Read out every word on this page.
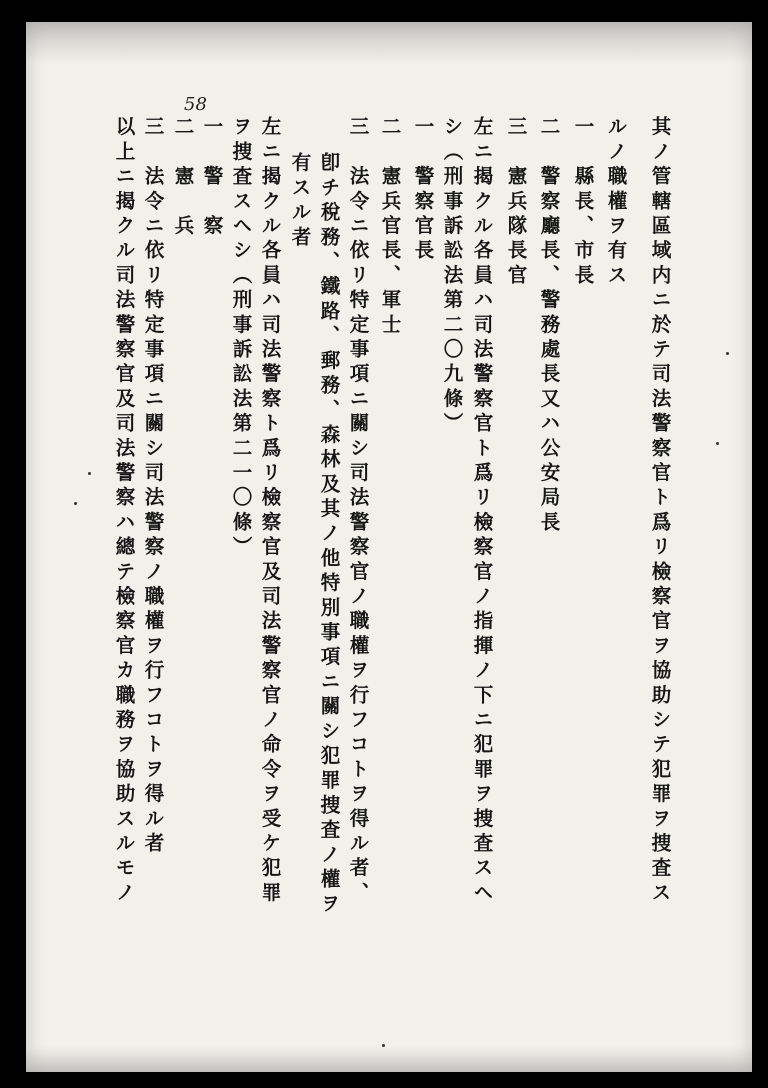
58
其ノ管轄區域内ニ於テ司法警察官ト爲リ檢察官ヲ協助シテ犯罪ヲ捜査ス
ルノ職權ヲ有ス
一　縣長、市長
二　警察廳長、警務處長又ハ公安局長
三　憲兵隊長官
左ニ揭クル各員ハ司法警察官ト爲リ檢察官ノ指揮ノ下ニ犯罪ヲ捜査スヘ
シ（刑事訴訟法第二〇九條）
一　警察官長
二　憲兵官長、軍士
三　法令ニ依リ特定事項ニ關シ司法警察官ノ職權ヲ行フコトヲ得ル者、
卽チ稅務、鐵路、郵務、森林及其ノ他特別事項ニ關シ犯罪捜査ノ權ヲ
有スル者
左ニ揭クル各員ハ司法警察ト爲リ檢察官及司法警察官ノ命令ヲ受ケ犯罪
ヲ捜査スヘシ（刑事訴訟法第二一〇條）
一　警　察
二　憲　兵
三　法令ニ依リ特定事項ニ關シ司法警察ノ職權ヲ行フコトヲ得ル者
以上ニ揭クル司法警察官及司法警察ハ總テ檢察官カ職務ヲ協助スルモノ
